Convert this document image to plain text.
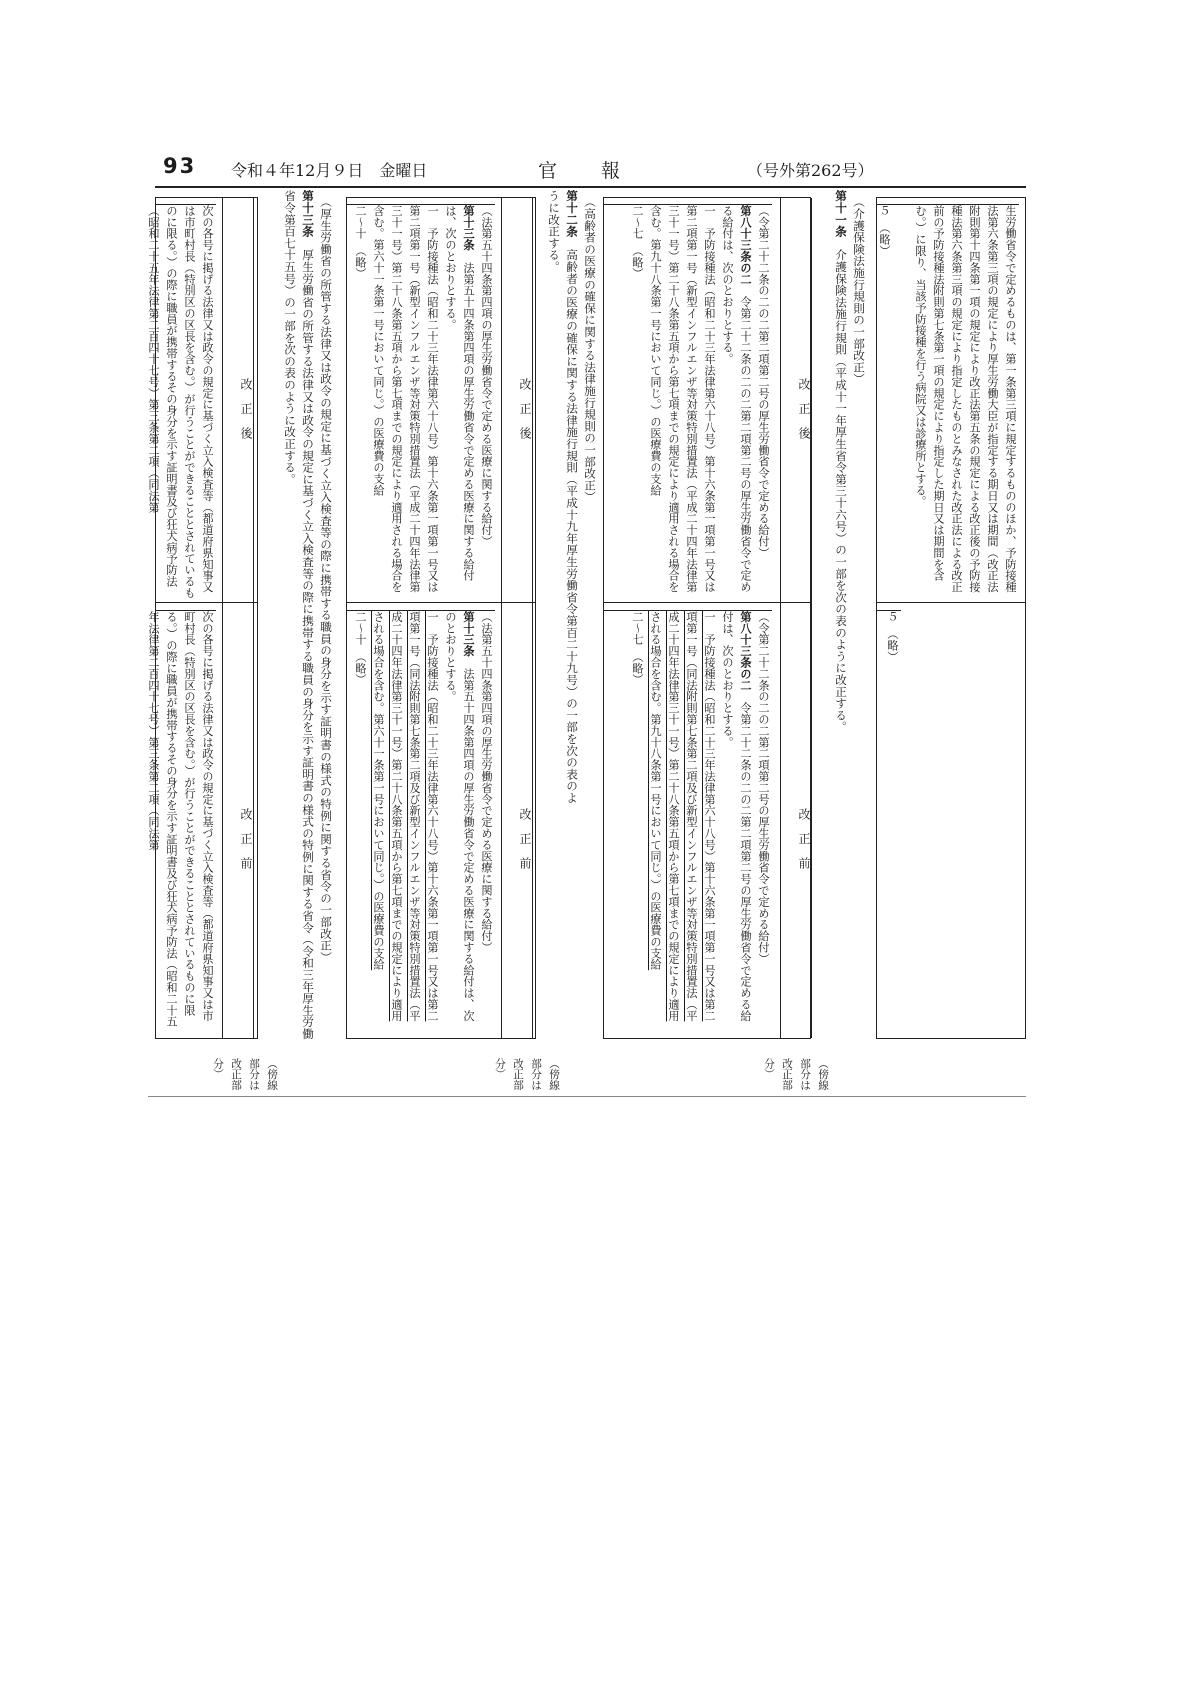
93 令和４年12月９日　金曜日	官報	（号外第262号）
生労働省令で定めるものは、第一条第三項に規定するもののほか、予防接種法第六条第三項の規定により厚生労働大臣が指定する期日又は期間（改正法附則第十四条第一項の規定により改正法第五条の規定による改正後の予防接種法第六条第三項の規定により指定したものとみなされた改正法による改正前の予防接種法附則第七条第一項の規定により指定した期日又は期間を含む。）に限り、当該予防接種を行う病院又は診療所とする。
５　（略）
５　（略）
（介護保険法施行規則の一部改正）
第十一条　介護保険法施行規則（平成十一年厚生省令第三十六号）の一部を次の表のように改正する。
（傍線部分は改正部分）
改　正　後
改　正　前
（令第二十二条の二の二第二項第二号の厚生労働省令で定める給付）
第八十三条の二　令第二十二条の二の二第二項第二号の厚生労働省令で定める給付は、次のとおりとする。
一　予防接種法（昭和二十三年法律第六十八号）第十六条第一項第一号又は第二項第一号（新型インフルエンザ等対策特別措置法（平成二十四年法律第三十一号）第二十八条第五項から第七項までの規定により適用される場合を含む。第九十八条第一号において同じ。）の医療費の支給
二～七　（略）
（令第二十二条の二の二第二項第二号の厚生労働省令で定める給付）
第八十三条の二　令第二十二条の二の二第二項第二号の厚生労働省令で定める給付は、次のとおりとする。
一　予防接種法（昭和二十三年法律第六十八号）第十六条第一項第一号又は第二項第一号（同法附則第七条第二項及び新型インフルエンザ等対策特別措置法（平成二十四年法律第三十一号）第二十八条第五項から第七項までの規定により適用される場合を含む。第九十八条第一号において同じ。）の医療費の支給
二～七　（略）
（高齢者の医療の確保に関する法律施行規則の一部改正）
第十二条　高齢者の医療の確保に関する法律施行規則（平成十九年厚生労働省令第百二十九号）の一部を次の表のように改正する。
（傍線部分は改正部分）
改　正　後
改　正　前
（法第五十四条第四項の厚生労働省令で定める医療に関する給付）
第十三条　法第五十四条第四項の厚生労働省令で定める医療に関する給付は、次のとおりとする。
一　予防接種法（昭和二十三年法律第六十八号）第十六条第一項第一号又は第二項第一号（新型インフルエンザ等対策特別措置法（平成二十四年法律第三十一号）第二十八条第五項から第七項までの規定により適用される場合を含む。第六十一条第一号において同じ。）の医療費の支給
二～十　（略）
（法第五十四条第四項の厚生労働省令で定める医療に関する給付）
第十三条　法第五十四条第四項の厚生労働省令で定める医療に関する給付は、次のとおりとする。
一　予防接種法（昭和二十三年法律第六十八号）第十六条第一項第一号又は第二項第一号（同法附則第七条第二項及び新型インフルエンザ等対策特別措置法（平成二十四年法律第三十一号）第二十八条第五項から第七項までの規定により適用される場合を含む。第六十一条第一号において同じ。）の医療費の支給
二～十　（略）
（厚生労働省の所管する法律又は政令の規定に基づく立入検査等の際に携帯する職員の身分を示す証明書の様式の特例に関する省令の一部改正）
第十三条　厚生労働省の所管する法律又は政令の規定に基づく立入検査等の際に携帯する職員の身分を示す証明書の様式の特例に関する省令（令和三年厚生労働省令第百七十五号）の一部を次の表のように改正する。
（傍線部分は改正部分）
改　正　後
改　正　前
次の各号に掲げる法律又は政令の規定に基づく立入検査等（都道府県知事又は市町村長（特別区の区長を含む。）が行うことができることとされているものに限る。）の際に職員が携帯するその身分を示す証明書及び狂犬病予防法（昭和二十五年法律第二百四十七号）第三条第二項（同法第
次の各号に掲げる法律又は政令の規定に基づく立入検査等（都道府県知事又は市町村長（特別区の区長を含む。）が行うことができることとされているものに限る。）の際に職員が携帯するその身分を示す証明書及び狂犬病予防法（昭和二十五年法律第二百四十七号）第三条第二項（同法第
